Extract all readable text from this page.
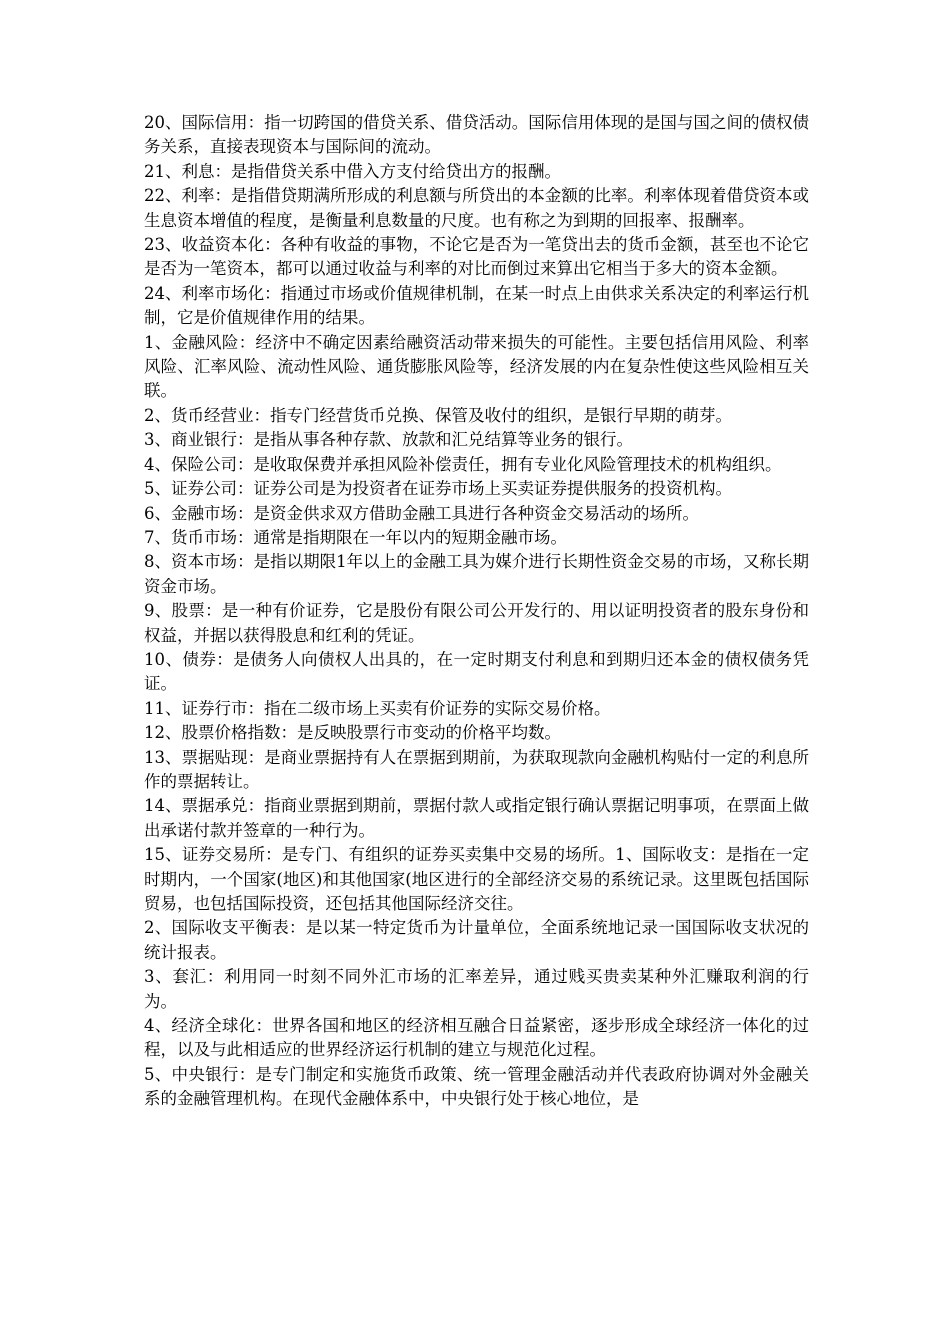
20、国际信用：指一切跨国的借贷关系、借贷活动。国际信用体现的是国与国之间的债权债务关系，直接表现资本与国际间的流动。

21、利息：是指借贷关系中借入方支付给贷出方的报酬。

22、利率：是指借贷期满所形成的利息额与所贷出的本金额的比率。利率体现着借贷资本或生息资本增值的程度，是衡量利息数量的尺度。也有称之为到期的回报率、报酬率。

23、收益资本化：各种有收益的事物，不论它是否为一笔贷出去的货币金额，甚至也不论它是否为一笔资本，都可以通过收益与利率的对比而倒过来算出它相当于多大的资本金额。

24、利率市场化：指通过市场或价值规律机制，在某一时点上由供求关系决定的利率运行机制，它是价值规律作用的结果。

1、金融风险：经济中不确定因素给融资活动带来损失的可能性。主要包括信用风险、利率风险、汇率风险、流动性风险、通货膨胀风险等，经济发展的内在复杂性使这些风险相互关联。

2、货币经营业：指专门经营货币兑换、保管及收付的组织，是银行早期的萌芽。

3、商业银行：是指从事各种存款、放款和汇兑结算等业务的银行。

4、保险公司：是收取保费并承担风险补偿责任，拥有专业化风险管理技术的机构组织。

5、证券公司：证券公司是为投资者在证券市场上买卖证券提供服务的投资机构。

6、金融市场：是资金供求双方借助金融工具进行各种资金交易活动的场所。

7、货币市场：通常是指期限在一年以内的短期金融市场。

8、资本市场：是指以期限1年以上的金融工具为媒介进行长期性资金交易的市场，又称长期资金市场。

9、股票：是一种有价证券，它是股份有限公司公开发行的、用以证明投资者的股东身份和权益，并据以获得股息和红利的凭证。

10、债券：是债务人向债权人出具的，在一定时期支付利息和到期归还本金的债权债务凭证。

11、证券行市：指在二级市场上买卖有价证券的实际交易价格。

12、股票价格指数：是反映股票行市变动的价格平均数。

13、票据贴现：是商业票据持有人在票据到期前，为获取现款向金融机构贴付一定的利息所作的票据转让。

14、票据承兑：指商业票据到期前，票据付款人或指定银行确认票据记明事项，在票面上做出承诺付款并签章的一种行为。

15、证券交易所：是专门、有组织的证券买卖集中交易的场所。1、国际收支：是指在一定时期内，一个国家(地区)和其他国家(地区进行的全部经济交易的系统记录。这里既包括国际贸易，也包括国际投资，还包括其他国际经济交往。

2、国际收支平衡表：是以某一特定货币为计量单位，全面系统地记录一国国际收支状况的统计报表。

3、套汇：利用同一时刻不同外汇市场的汇率差异，通过贱买贵卖某种外汇赚取利润的行为。

4、经济全球化：世界各国和地区的经济相互融合日益紧密，逐步形成全球经济一体化的过程，以及与此相适应的世界经济运行机制的建立与规范化过程。

5、中央银行：是专门制定和实施货币政策、统一管理金融活动并代表政府协调对外金融关系的金融管理机构。在现代金融体系中，中央银行处于核心地位，是
